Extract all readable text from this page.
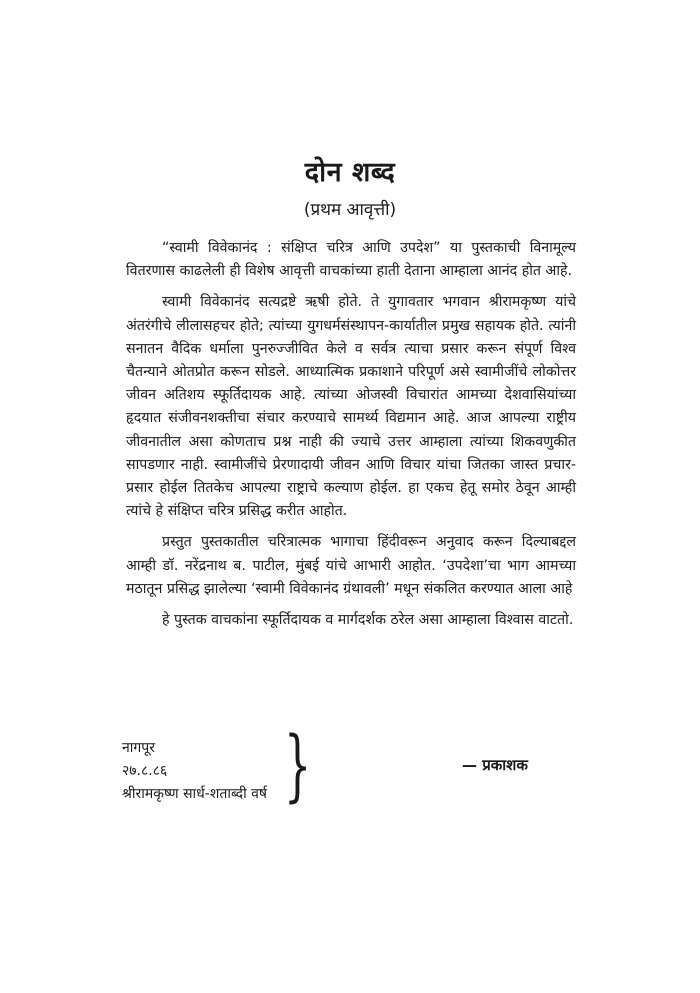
दोन शब्द
(प्रथम आवृत्ती)

“स्वामी विवेकानंद : संक्षिप्त चरित्र आणि उपदेश” या पुस्तकाची विनामूल्य वितरणास काढलेली ही विशेष आवृत्ती वाचकांच्या हाती देताना आम्हाला आनंद होत आहे.

स्वामी विवेकानंद सत्यद्रष्टे ऋषी होते. ते युगावतार भगवान श्रीरामकृष्ण यांचे अंतरंगीचे लीलासहचर होते; त्यांच्या युगधर्मसंस्थापन-कार्यातील प्रमुख सहायक होते. त्यांनी सनातन वैदिक धर्माला पुनरुज्जीवित केले व सर्वत्र त्याचा प्रसार करून संपूर्ण विश्व चैतन्याने ओतप्रोत करून सोडले. आध्यात्मिक प्रकाशाने परिपूर्ण असे स्वामीजींचे लोकोत्तर जीवन अतिशय स्फूर्तिदायक आहे. त्यांच्या ओजस्वी विचारांत आमच्या देशवासियांच्या हृदयात संजीवनशक्तीचा संचार करण्याचे सामर्थ्य विद्यमान आहे. आज आपल्या राष्ट्रीय जीवनातील असा कोणताच प्रश्न नाही की ज्याचे उत्तर आम्हाला त्यांच्या शिकवणुकीत सापडणार नाही. स्वामीजींचे प्रेरणादायी जीवन आणि विचार यांचा जितका जास्त प्रचार-प्रसार होईल तितकेच आपल्या राष्ट्राचे कल्याण होईल. हा एकच हेतू समोर ठेवून आम्ही त्यांचे हे संक्षिप्त चरित्र प्रसिद्ध करीत आहोत.

प्रस्तुत पुस्तकातील चरित्रात्मक भागाचा हिंदीवरून अनुवाद करून दिल्याबद्दल आम्ही डॉ. नरेंद्रनाथ ब. पाटील, मुंबई यांचे आभारी आहोत. ‘उपदेशा’चा भाग आमच्या मठातून प्रसिद्ध झालेल्या ‘स्वामी विवेकानंद ग्रंथावली’ मधून संकलित करण्यात आला आहे

हे पुस्तक वाचकांना स्फूर्तिदायक व मार्गदर्शक ठरेल असा आम्हाला विश्वास वाटतो.

नागपूर
२७.८.८६
श्रीरामकृष्ण सार्ध-शताब्दी वर्ष }	— प्रकाशक
